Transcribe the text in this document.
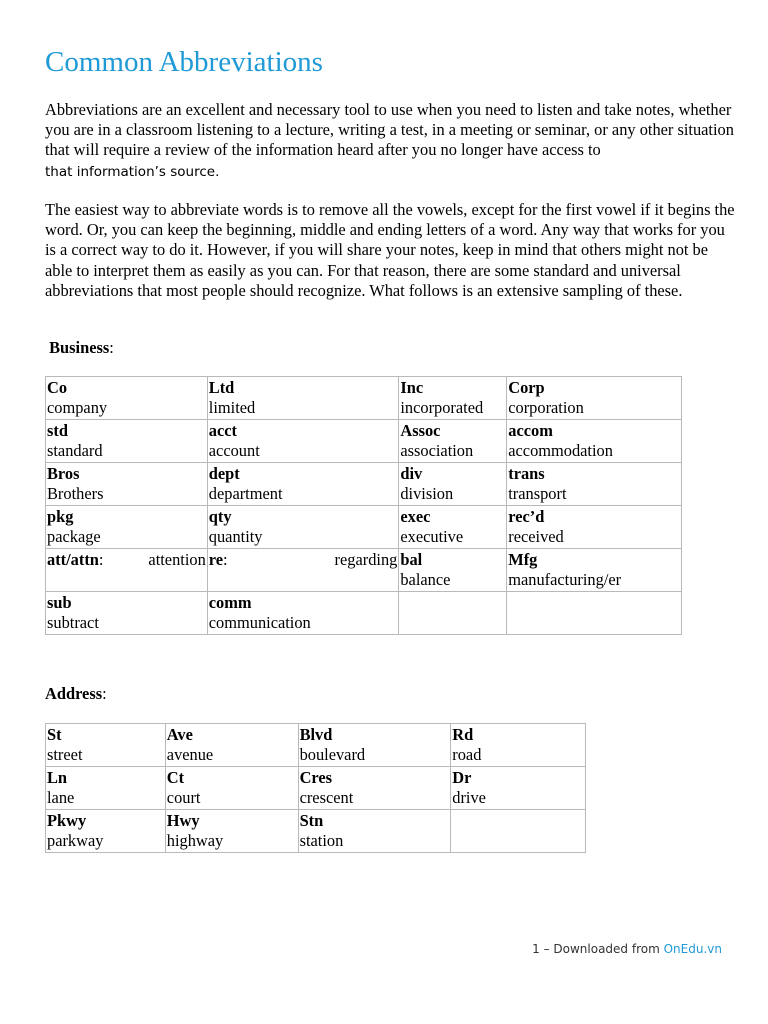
Common Abbreviations

Abbreviations are an excellent and necessary tool to use when you need to listen and take notes, whether you are in a classroom listening to a lecture, writing a test, in a meeting or seminar, or any other situation that will require a review of the information heard after you no longer have access to
that information’s source.

The easiest way to abbreviate words is to remove all the vowels, except for the first vowel if it begins the word. Or, you can keep the beginning, middle and ending letters of a word. Any way that works for you is a correct way to do it. However, if you will share your notes, keep in mind that others might not be able to interpret them as easily as you can. For that reason, there are some standard and universal abbreviations that most people should recognize. What follows is an extensive sampling of these.

Business:

Co
company	Ltd
limited	Inc
incorporated	Corp
corporation

std
standard	acct
account	Assoc
association	accom
accommodation

Bros
Brothers	dept
department	div
division	trans
transport

pkg
package	qty
quantity	exec
executive	rec’d
received

att/attn: attention	re: regarding	bal
balance	Mfg
manufacturing/er

sub
subtract	comm
communication		

Address:

St
street	Ave
avenue	Blvd
boulevard	Rd
road

Ln
lane	Ct
court	Cres
crescent	Dr
drive

Pkwy
parkway	Hwy
highway	Stn
station	

1 – Downloaded from OnEdu.vn
